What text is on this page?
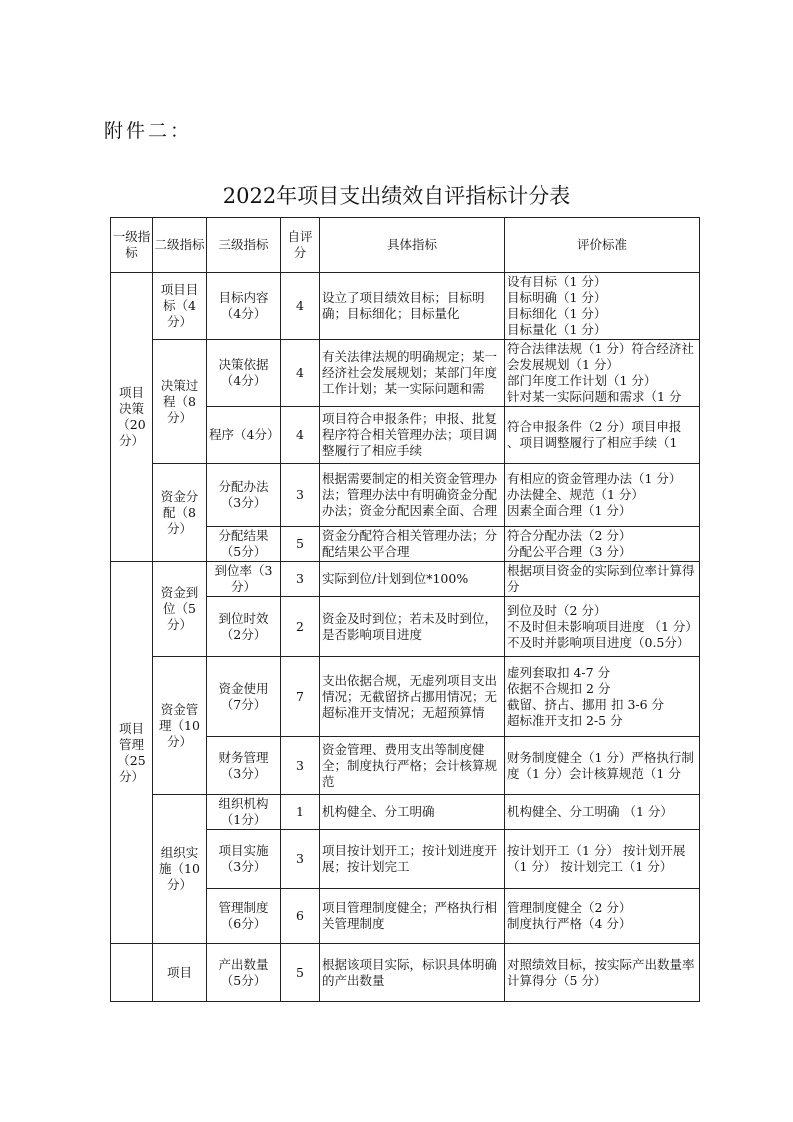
附件二：
2022年项目支出绩效自评指标计分表
一级指标	二级指标	三级指标	自评分	具体指标	评价标准
项目决策（20分）	项目目标（4分）	目标内容（4分）	4	设立了项目绩效目标；目标明确；目标细化；目标量化	设有目标（1 分）
目标明确（1 分）
目标细化（1 分）
目标量化（1 分）
	决策过程（8分）	决策依据（4分）	4	有关法律法规的明确规定；某一经济社会发展规划；某部门年度工作计划；某一实际问题和需	符合法律法规（1 分）符合经济社会发展规划（1 分）
部门年度工作计划（1 分）
针对某一实际问题和需求（1 分
		程序（4分）	4	项目符合申报条件；申报、批复程序符合相关管理办法；项目调整履行了相应手续	符合申报条件（2 分）项目申报
、项目调整履行了相应手续（1
	资金分配（8分）	分配办法（3分）	3	根据需要制定的相关资金管理办法；管理办法中有明确资金分配办法；资金分配因素全面、合理	有相应的资金管理办法（1 分）
办法健全、规范（1 分）
因素全面合理（1 分）
		分配结果（5分）	5	资金分配符合相关管理办法；分配结果公平合理	符合分配办法（2 分）
分配公平合理（3 分）
项目管理（25分）	资金到位（5分）	到位率（3分）	3	实际到位/计划到位*100%	根据项目资金的实际到位率计算得分
		到位时效（2分）	2	资金及时到位；若未及时到位，是否影响项目进度	到位及时（2 分）
不及时但未影响项目进度 （1 分）不及时并影响项目进度（0.5分）
	资金管理（10分）	资金使用（7分）	7	支出依据合规，无虚列项目支出情况；无截留挤占挪用情况；无超标准开支情况；无超预算情	虚列套取扣 4-7 分
依据不合规扣 2 分
截留、挤占、挪用 扣 3-6 分
超标准开支扣 2-5 分
		财务管理（3分）	3	资金管理、费用支出等制度健全；制度执行严格；会计核算规范	财务制度健全（1 分）严格执行制度（1 分）会计核算规范（1 分
	组织实施（10分）	组织机构（1分）	1	机构健全、分工明确	机构健全、分工明确 （1 分）
		项目实施（3分）	3	项目按计划开工；按计划进度开展；按计划完工	按计划开工（1 分） 按计划开展（1 分） 按计划完工（1 分）
		管理制度（6分）	6	项目管理制度健全；严格执行相关管理制度	管理制度健全（2 分）
制度执行严格（4 分）
	项目	产出数量（5分）	5	根据该项目实际，标识具体明确的产出数量	对照绩效目标，按实际产出数量率计算得分（5 分）
